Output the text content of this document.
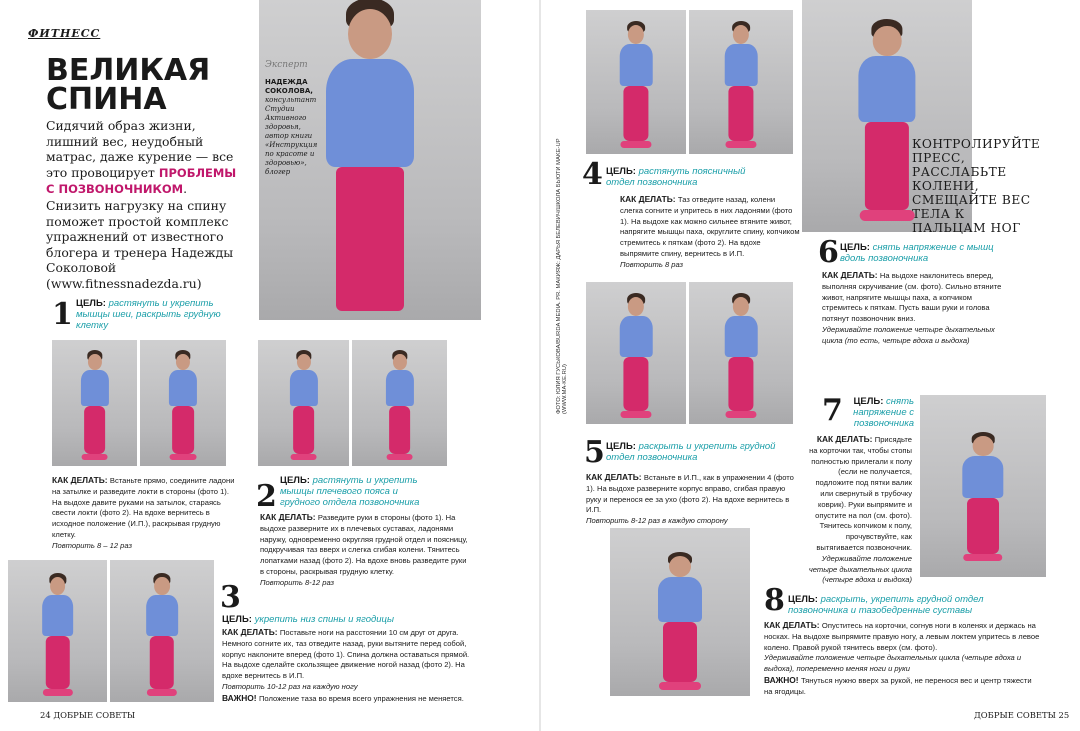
ФИТНЕСС
ВЕЛИКАЯ
СПИНА
Сидячий образ жизни, лишний вес, неудобный матрас, даже курение — все это провоцирует ПРОБЛЕМЫ С ПОЗВОНОЧНИКОМ. Снизить нагрузку на спину поможет простой комплекс упражнений от известного блогера и тренера Надежды Соколовой (www.fitnessnadezda.ru)
Эксперт
НАДЕЖДА СОКОЛОВА, консультант Студии Активного здоровья, автор книги «Инструкция по красоте и здоровью», блогер
1 ЦЕЛЬ: растянуть и укрепить мышцы шеи, раскрыть грудную клетку
КАК ДЕЛАТЬ: Встаньте прямо, соедините ладони на затылке и разведите локти в стороны (фото 1). На выдохе давите руками на затылок, стараясь свести локти (фото 2). На вдохе вернитесь в исходное положение (И.П.), раскрывая грудную клетку.
Повторить 8 – 12 раз
2 ЦЕЛЬ: растянуть и укрепить мышцы плечевого пояса и грудного отдела позвоночника
КАК ДЕЛАТЬ: Разведите руки в стороны (фото 1). На выдохе разверните их в плечевых суставах, ладонями наружу, одновременно округляя грудной отдел и поясницу, подкручивая таз вверх и слегка сгибая колени. Тянитесь лопатками назад (фото 2). На вдохе вновь разведите руки в стороны, раскрывая грудную клетку.
Повторить 8-12 раз
3
ЦЕЛЬ: укрепить низ спины и ягодицы
КАК ДЕЛАТЬ: Поставьте ноги на расстоянии 10 см друг от друга. Немного согните их, таз отведите назад, руки вытяните перед собой, корпус наклоните вперед (фото 1). Спина должна оставаться прямой. На выдохе сделайте скользящее движение ногой назад (фото 2). На вдохе вернитесь в И.П.
Повторить 10-12 раз на каждую ногу
ВАЖНО! Положение таза во время всего упражнения не меняется.
24 ДОБРЫЕ СОВЕТЫ
4 ЦЕЛЬ: растянуть поясничный отдел позвоночника
КАК ДЕЛАТЬ: Таз отведите назад, колени слегка согните и упритесь в них ладонями (фото 1). На выдохе как можно сильнее втяните живот, напрягите мышцы паха, округлите спину, копчиком стремитесь к пяткам (фото 2). На вдохе выпрямите спину, вернитесь в И.П.
Повторить 8 раз
КОНТРОЛИРУЙТЕ ПРЕСС, РАССЛАБЬТЕ КОЛЕНИ, СМЕЩАЙТЕ ВЕС ТЕЛА К ПАЛЬЦАМ НОГ
6 ЦЕЛЬ: снять напряжение с мышц вдоль позвоночника
КАК ДЕЛАТЬ: На выдохе наклонитесь вперед, выполняя скручивание (см. фото). Сильно втяните живот, напрягите мышцы паха, а копчиком стремитесь к пяткам. Пусть ваши руки и голова потянут позвоночник вниз.
Удерживайте положение четыре дыхательных цикла (то есть, четыре вдоха и выдоха)
5 ЦЕЛЬ: раскрыть и укрепить грудной отдел позвоночника
КАК ДЕЛАТЬ: Встаньте в И.П., как в упражнении 4 (фото 1). На выдохе разверните корпус вправо, сгибая правую руку и перенося ее за ухо (фото 2). На вдохе вернитесь в И.П.
Повторить 8-12 раз в каждую сторону
7	ЦЕЛЬ: снять напряжение с позвоночника
КАК ДЕЛАТЬ: Присядьте на корточки так, чтобы стопы полностью прилегали к полу (если не получается, подложите под пятки валик или свернутый в трубочку коврик). Руки выпрямите и опустите на пол (см. фото). Тянитесь копчиком к полу, прочувствуйте, как вытягивается позвоночник.
Удерживайте положение четыре дыхательных цикла (четыре вдоха и выдоха)
8 ЦЕЛЬ: раскрыть, укрепить грудной отдел позвоночника и тазобедренные суставы
КАК ДЕЛАТЬ: Опуститесь на корточки, согнув ноги в коленях и держась на носках. На выдохе выпрямите правую ногу, а левым локтем упритесь в левое колено. Правой рукой тянитесь вверх (см. фото).
Удерживайте положение четыре дыхательных цикла (четыре вдоха и выдоха), попеременно меняя ноги и руки
ВАЖНО! Тянуться нужно вверх за рукой, не перенося вес и центр тяжести на ягодицы.
ДОБРЫЕ СОВЕТЫ 25
ФОТО: ЮЛИЯ ГУСЬКОВА/BURDA MEDIA. PR. МАКИЯЖ: ДАРЬЯ БЕЛЕВИЧ/ШКОЛА БЬЮТИ MAKE-UP (WWW.MA-KE.RU)
